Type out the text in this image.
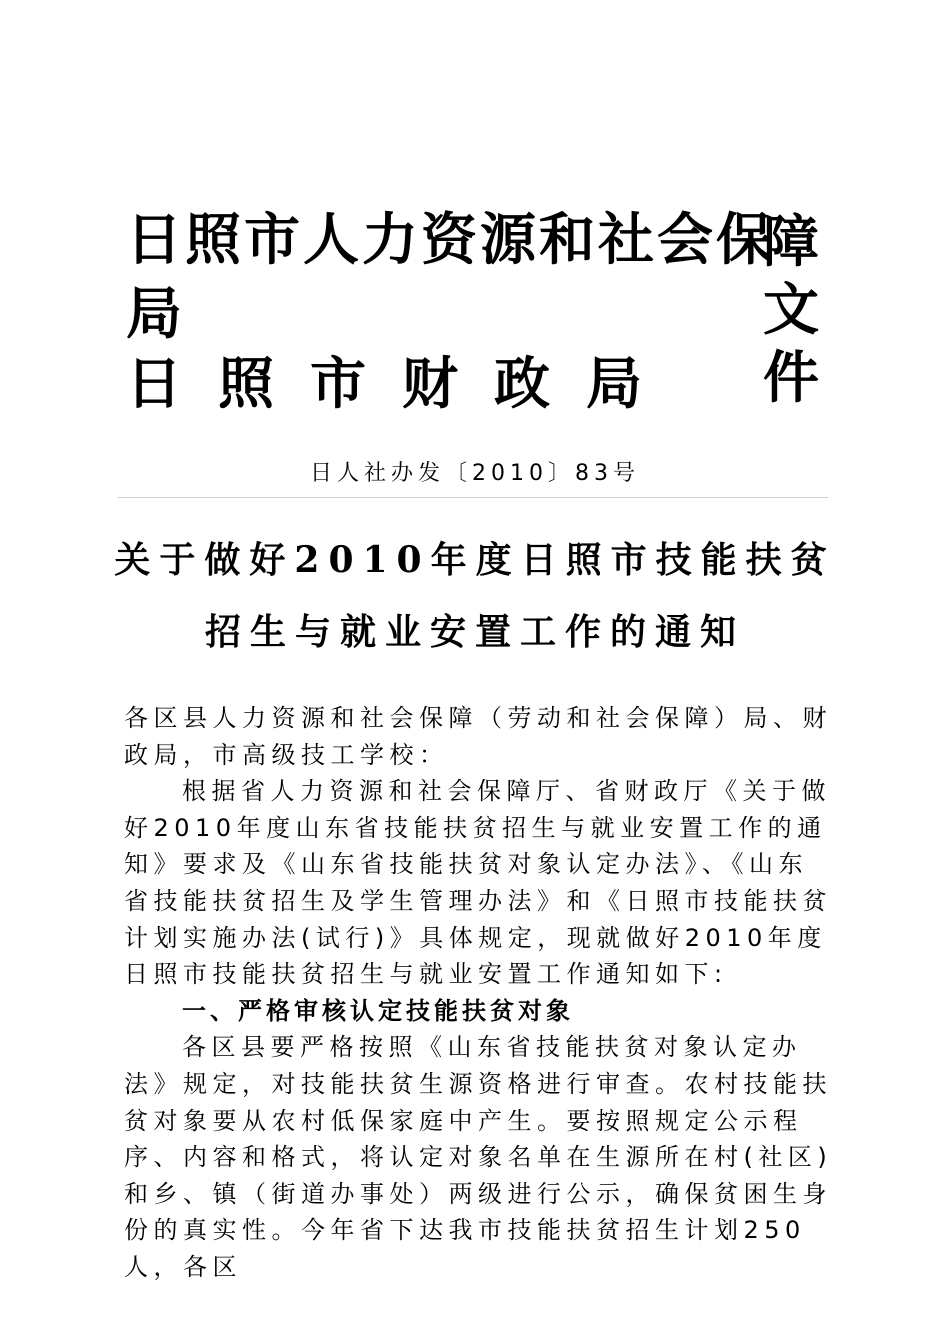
日照市人力资源和社会保
局
日照市财政局
障文件
日人社办发〔2010〕83号
关于做好2010年度日照市技能扶贫
招生与就业安置工作的通知

各区县人力资源和社会保障（劳动和社会保障）局、财政局，市高级技工学校：

根据省人力资源和社会保障厅、省财政厅《关于做好2010年度山东省技能扶贫招生与就业安置工作的通知》要求及《山东省技能扶贫对象认定办法》、《山东省技能扶贫招生及学生管理办法》和《日照市技能扶贫计划实施办法(试行)》具体规定，现就做好2010年度日照市技能扶贫招生与就业安置工作通知如下:

一、严格审核认定技能扶贫对象

各区县要严格按照《山东省技能扶贫对象认定办法》规定，对技能扶贫生源资格进行审查。农村技能扶贫对象要从农村低保家庭中产生。要按照规定公示程序、内容和格式，将认定对象名单在生源所在村(社区)和乡、镇（街道办事处）两级进行公示，确保贫困生身份的真实性。今年省下达我市技能扶贫招生计划250人，各区
